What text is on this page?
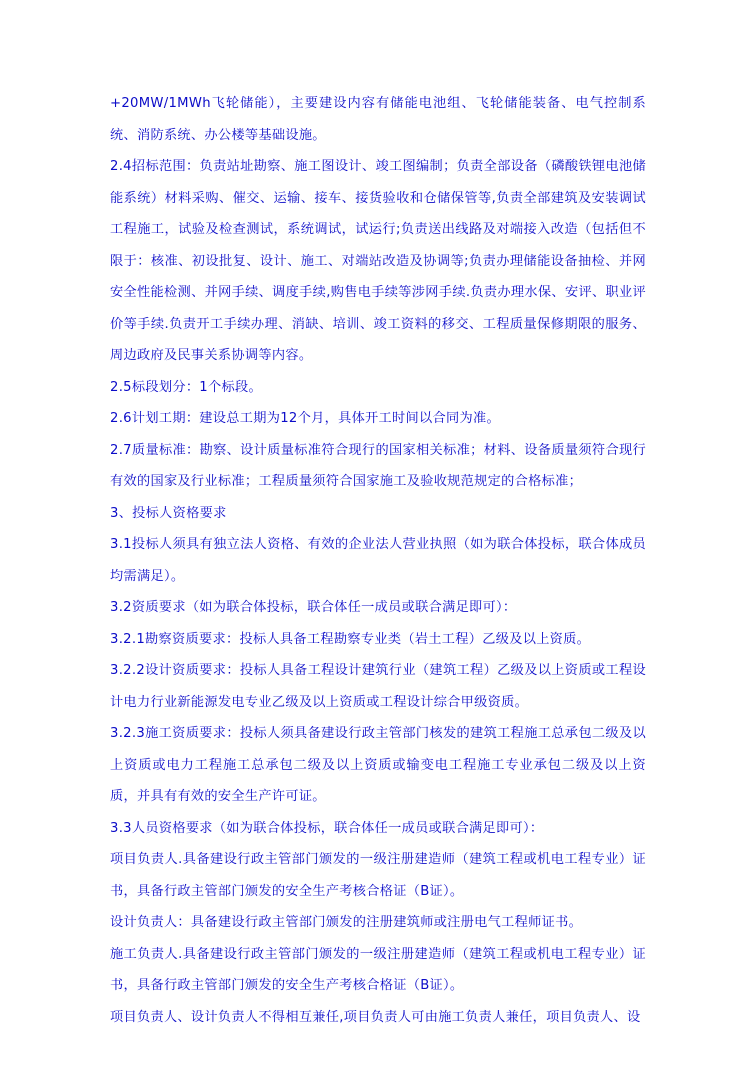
+20MW/1MWh飞轮储能），主要建设内容有储能电池组、飞轮储能装备、电气控制系统、消防系统、办公楼等基础设施。

2.4招标范围：负责站址勘察、施工图设计、竣工图编制；负责全部设备（磷酸铁锂电池储能系统）材料采购、催交、运输、接车、接货验收和仓储保管等,负责全部建筑及安装调试工程施工，试验及检查测试，系统调试，试运行;负责送出线路及对端接入改造（包括但不限于：核准、初设批复、设计、施工、对端站改造及协调等;负责办理储能设备抽检、并网安全性能检测、并网手续、调度手续,购售电手续等涉网手续.负责办理水保、安评、职业评价等手续.负责开工手续办理、消缺、培训、竣工资料的移交、工程质量保修期限的服务、周边政府及民事关系协调等内容。

2.5标段划分：1个标段。

2.6计划工期：建设总工期为12个月，具体开工时间以合同为准。

2.7质量标准：勘察、设计质量标准符合现行的国家相关标准；材料、设备质量须符合现行有效的国家及行业标准；工程质量须符合国家施工及验收规范规定的合格标准；

3、投标人资格要求

3.1投标人须具有独立法人资格、有效的企业法人营业执照（如为联合体投标，联合体成员均需满足）。

3.2资质要求（如为联合体投标，联合体任一成员或联合满足即可）：

3.2.1勘察资质要求：投标人具备工程勘察专业类（岩土工程）乙级及以上资质。

3.2.2设计资质要求：投标人具备工程设计建筑行业（建筑工程）乙级及以上资质或工程设计电力行业新能源发电专业乙级及以上资质或工程设计综合甲级资质。

3.2.3施工资质要求：投标人须具备建设行政主管部门核发的建筑工程施工总承包二级及以上资质或电力工程施工总承包二级及以上资质或输变电工程施工专业承包二级及以上资质，并具有有效的安全生产许可证。

3.3人员资格要求（如为联合体投标，联合体任一成员或联合满足即可）：

项目负责人.具备建设行政主管部门颁发的一级注册建造师（建筑工程或机电工程专业）证书，具备行政主管部门颁发的安全生产考核合格证（B证）。

设计负责人：具备建设行政主管部门颁发的注册建筑师或注册电气工程师证书。

施工负责人.具备建设行政主管部门颁发的一级注册建造师（建筑工程或机电工程专业）证书，具备行政主管部门颁发的安全生产考核合格证（B证）。

项目负责人、设计负责人不得相互兼任,项目负责人可由施工负责人兼任，项目负责人、设
